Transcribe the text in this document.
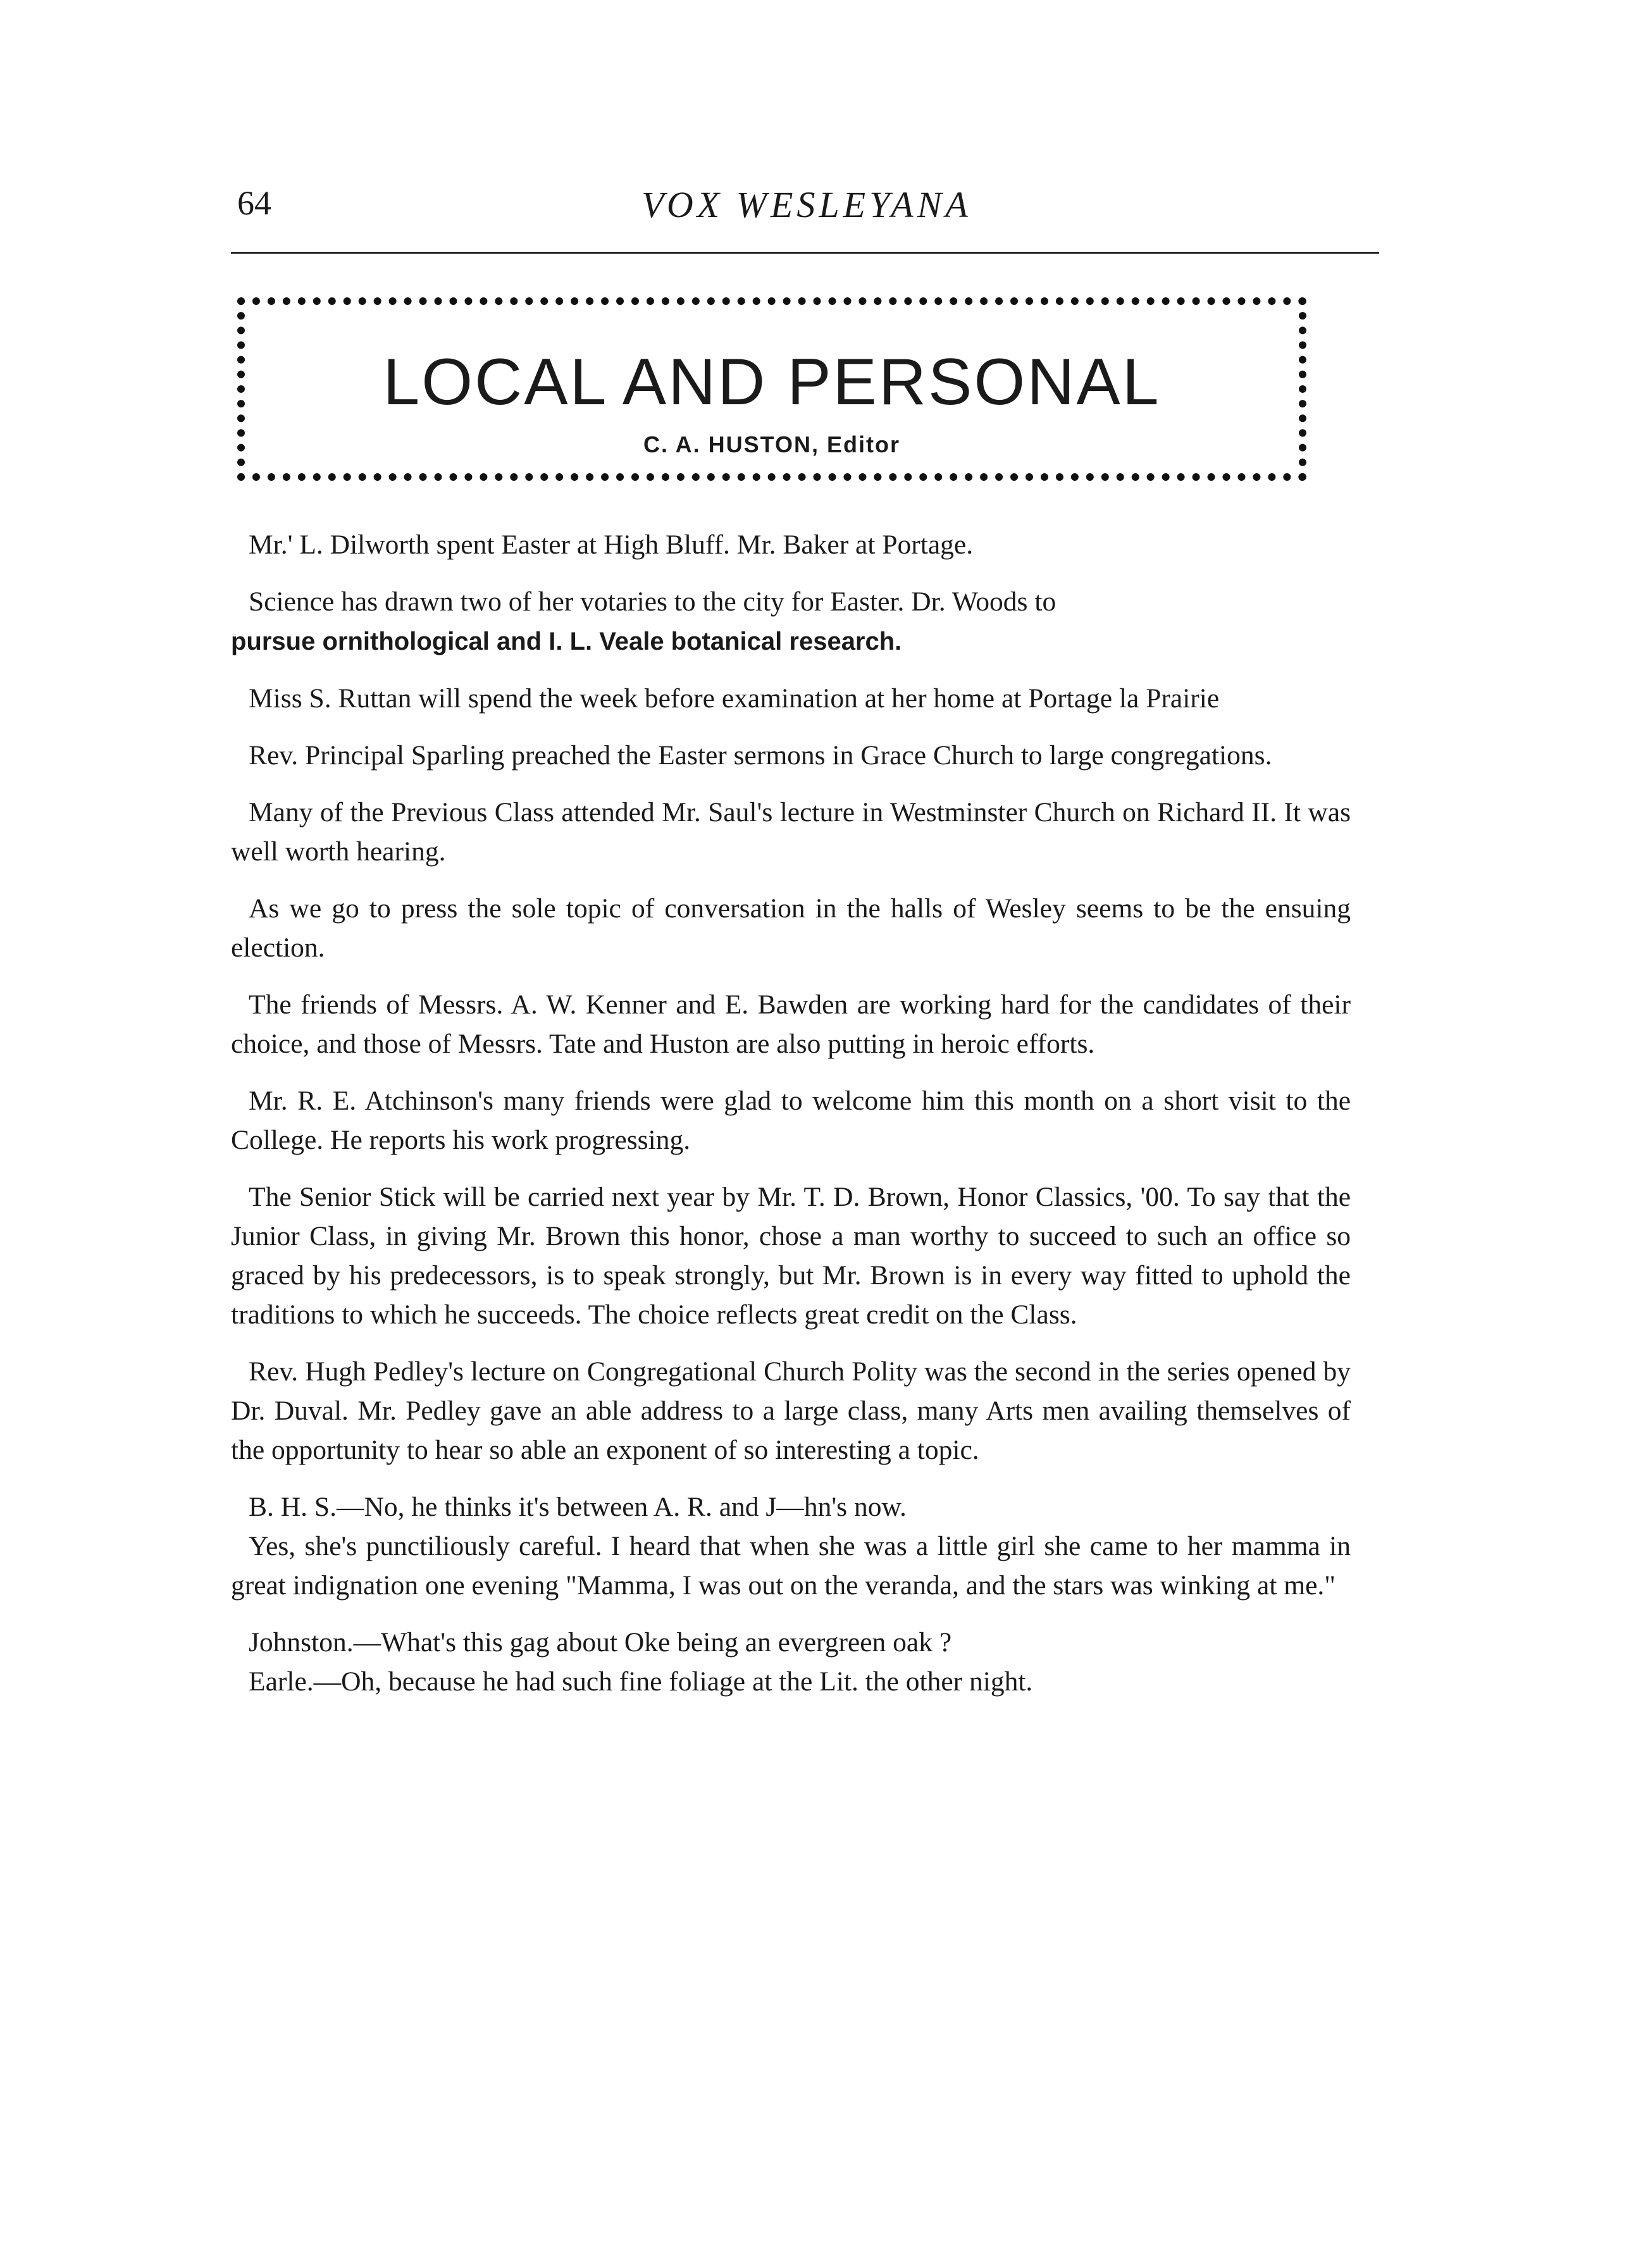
64	VOX WESLEYANA
LOCAL AND PERSONAL
C. A. HUSTON, Editor

Mr.' L. Dilworth spent Easter at High Bluff. Mr. Baker at Portage.

Science has drawn two of her votaries to the city for Easter. Dr. Woods to

pursue ornithological and I. L. Veale botanical research.

Miss S. Ruttan will spend the week before examination at her home at Portage la Prairie

Rev. Principal Sparling preached the Easter sermons in Grace Church to large congregations.

Many of the Previous Class attended Mr. Saul's lecture in Westminster Church on Richard II. It was well worth hearing.

As we go to press the sole topic of conversation in the halls of Wesley seems to be the ensuing election.

The friends of Messrs. A. W. Kenner and E. Bawden are working hard for the candidates of their choice, and those of Messrs. Tate and Huston are also putting in heroic efforts.

Mr. R. E. Atchinson's many friends were glad to welcome him this month on a short visit to the College. He reports his work progressing.

The Senior Stick will be carried next year by Mr. T. D. Brown, Honor Classics, '00. To say that the Junior Class, in giving Mr. Brown this honor, chose a man worthy to succeed to such an office so graced by his predecessors, is to speak strongly, but Mr. Brown is in every way fitted to uphold the traditions to which he succeeds. The choice reflects great credit on the Class.

Rev. Hugh Pedley's lecture on Congregational Church Polity was the second in the series opened by Dr. Duval. Mr. Pedley gave an able address to a large class, many Arts men availing themselves of the opportunity to hear so able an exponent of so interesting a topic.

B. H. S.—No, he thinks it's between A. R. and J—hn's now.

Yes, she's punctiliously careful. I heard that when she was a little girl she came to her mamma in great indignation one evening "Mamma, I was out on the veranda, and the stars was winking at me."

Johnston.—What's this gag about Oke being an evergreen oak ?

Earle.—Oh, because he had such fine foliage at the Lit. the other night.
